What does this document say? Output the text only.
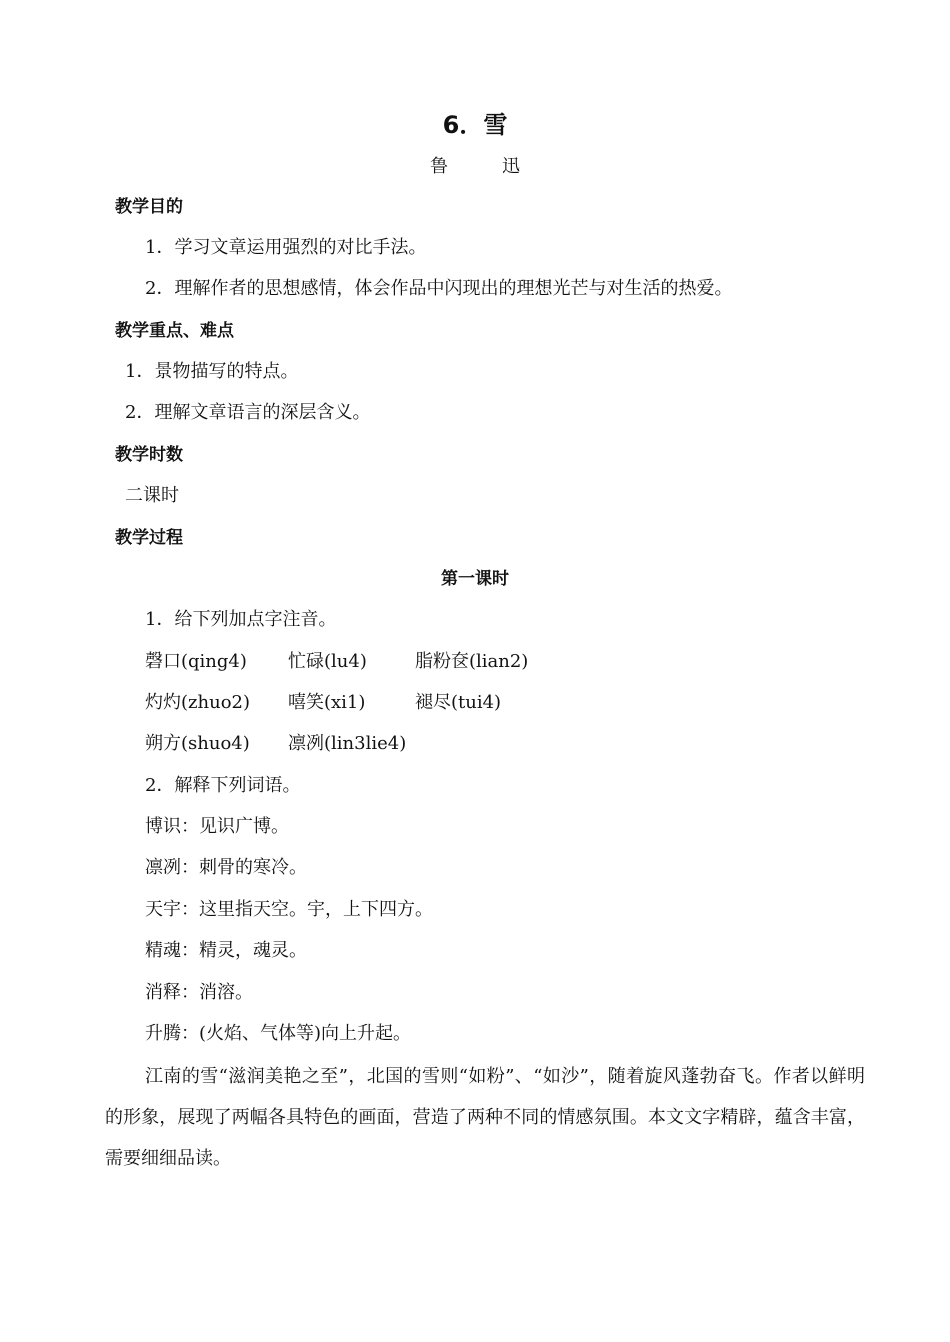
6．雪
鲁　迅
教学目的
1．学习文章运用强烈的对比手法。
2．理解作者的思想感情，体会作品中闪现出的理想光芒与对生活的热爱。
教学重点、难点
1．景物描写的特点。
2．理解文章语言的深层含义。
教学时数
二课时
教学过程
第一课时
1．给下列加点字注音。
磬口(qing4) 忙碌(lu4)	脂粉奁(lian2)
灼灼(zhuo2) 嘻笑(xi1)	褪尽(tui4)
朔方(shuo4) 凛冽(lin3lie4)
2．解释下列词语。
博识：见识广博。
凛冽：刺骨的寒冷。
天宇：这里指天空。宇，上下四方。
精魂：精灵，魂灵。
消释：消溶。
升腾：(火焰、气体等)向上升起。
江南的雪“滋润美艳之至”，北国的雪则“如粉”、“如沙”，随着旋风蓬勃奋飞。作者以鲜明的形象，展现了两幅各具特色的画面，营造了两种不同的情感氛围。本文文字精辟，蕴含丰富，需要细细品读。
